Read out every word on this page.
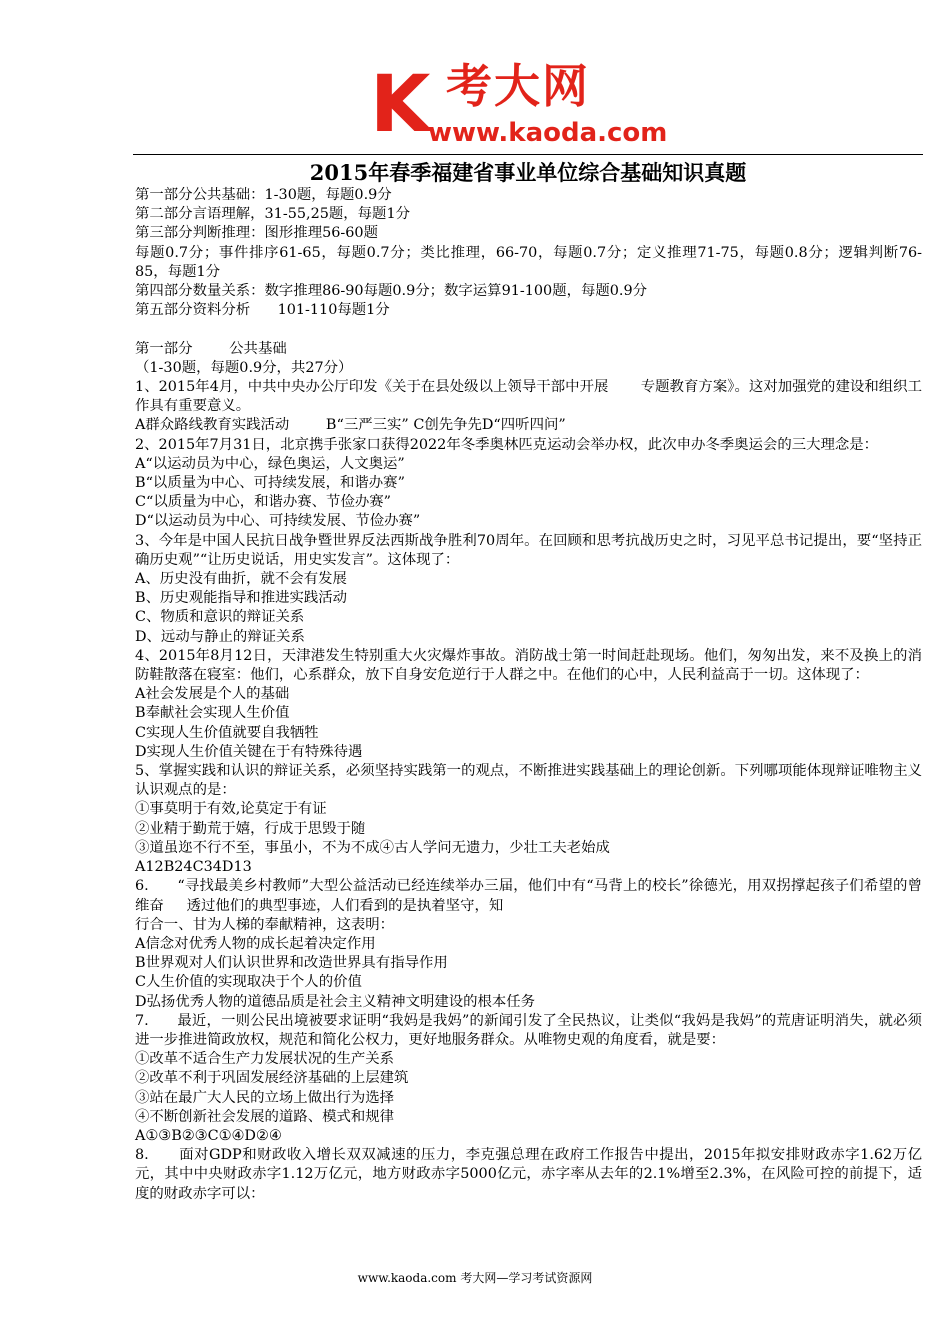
K 考大网
www.kaoda.com
2015年春季福建省事业单位综合基础知识真题

第一部分公共基础：1-30题，每题0.9分

第二部分言语理解，31-55,25题，每题1分

第三部分判断推理：图形推理56-60题

每题0.7分；事件排序61-65，每题0.7分；类比推理，66-70，每题0.7分；定义推理71-75，每题0.8分；逻辑判断76-85，每题1分

第四部分数量关系：数字推理86-90每题0.9分；数字运算91-100题，每题0.9分

第五部分资料分析      101-110每题1分

第一部分        公共基础

（1-30题，每题0.9分，共27分）

1、2015年4月，中共中央办公厅印发《关于在县处级以上领导干部中开展       专题教育方案》。这对加强党的建设和组织工作具有重要意义。

A群众路线教育实践活动        B“三严三实” C创先争先D“四听四问”

2、2015年7月31日，北京携手张家口获得2022年冬季奥林匹克运动会举办权，此次申办冬季奥运会的三大理念是：

A“以运动员为中心，绿色奥运，人文奥运”

B“以质量为中心、可持续发展，和谐办赛”

C“以质量为中心，和谐办赛、节俭办赛”

D“以运动员为中心、可持续发展、节俭办赛”

3、今年是中国人民抗日战争暨世界反法西斯战争胜利70周年。在回顾和思考抗战历史之时，习见平总书记提出，要“坚持正确历史观”“让历史说话，用史实发言”。这体现了：

A、历史没有曲折，就不会有发展

B、历史观能指导和推进实践活动

C、物质和意识的辩证关系

D、远动与静止的辩证关系

4、2015年8月12日，天津港发生特别重大火灾爆炸事故。消防战士第一时间赶赴现场。他们，匆匆出发，来不及换上的消防鞋散落在寝室：他们，心系群众，放下自身安危逆行于人群之中。在他们的心中，人民利益高于一切。这体现了：

A社会发展是个人的基础

B奉献社会实现人生价值

C实现人生价值就要自我牺牲

D实现人生价值关键在于有特殊待遇

5、掌握实践和认识的辩证关系，必须坚持实践第一的观点，不断推进实践基础上的理论创新。下列哪项能体现辩证唯物主义认识观点的是：

①事莫明于有效,论莫定于有证

②业精于勤荒于嬉，行成于思毁于随

③道虽迩不行不至，事虽小，不为不成④古人学问无遗力，少壮工夫老始成

A12B24C34D13

6.      “寻找最美乡村教师”大型公益活动已经连续举办三届，他们中有“马背上的校长”徐德光，用双拐撑起孩子们希望的曾维奋     透过他们的典型事迹，人们看到的是执着坚守，知

行合一、甘为人梯的奉献精神，这表明：

A信念对优秀人物的成长起着决定作用

B世界观对人们认识世界和改造世界具有指导作用

C人生价值的实现取决于个人的价值

D弘扬优秀人物的道德品质是社会主义精神文明建设的根本任务

7.      最近，一则公民出境被要求证明“我妈是我妈”的新闻引发了全民热议，让类似“我妈是我妈”的荒唐证明消失，就必须进一步推进简政放权，规范和简化公权力，更好地服务群众。从唯物史观的角度看，就是要：

①改革不适合生产力发展状况的生产关系

②改革不利于巩固发展经济基础的上层建筑

③站在最广大人民的立场上做出行为选择

④不断创新社会发展的道路、模式和规律

A①③B②③C①④D②④

8.      面对GDP和财政收入增长双双减速的压力，李克强总理在政府工作报告中提出，2015年拟安排财政赤字1.62万亿元，其中中央财政赤字1.12万亿元，地方财政赤字5000亿元，赤字率从去年的2.1%增至2.3%，在风险可控的前提下，适度的财政赤字可以：

www.kaoda.com 考大网—学习考试资源网
